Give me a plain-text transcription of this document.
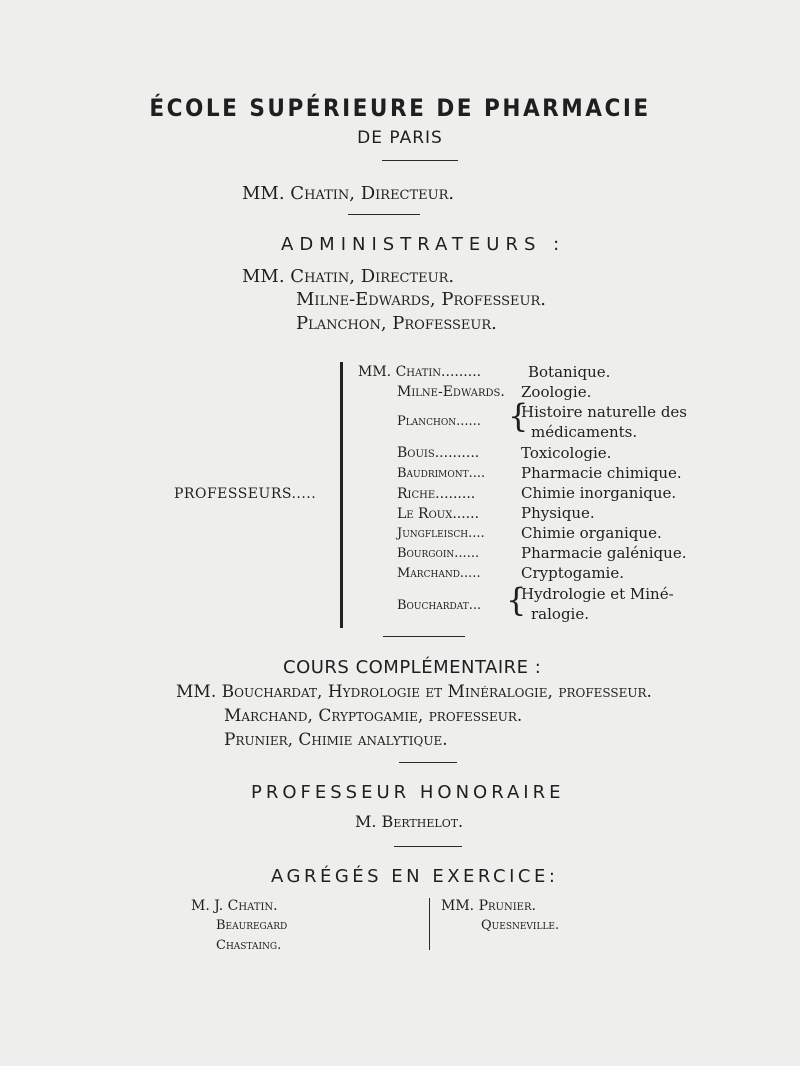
ÉCOLE SUPÉRIEURE DE PHARMACIE
DE PARIS
MM. Chatin, Directeur.
ADMINISTRATEURS :
MM. Chatin, Directeur.
Milne-Edwards, Professeur.
Planchon, Professeur.
PROFESSEURS.....
MM. Chatin.........	Botanique.
Milne-Edwards. Zoologie.
Planchon...... {
Histoire naturelle des
médicaments.
Bouis..........	Toxicologie.
Baudrimont.... Pharmacie chimique.
Riche.........	Chimie inorganique.
Le Roux......	Physique.
Jungfleisch.... Chimie organique.
Bourgoin......	Pharmacie galénique.
Marchand.....	Cryptogamie.
Bouchardat... {
Hydrologie et Miné-
ralogie.
COURS COMPLÉMENTAIRE :
MM. Bouchardat, Hydrologie et Minéralogie, professeur.
Marchand, Cryptogamie, professeur.
Prunier, Chimie analytique.
PROFESSEUR HONORAIRE
M. Berthelot.
AGRÉGÉS EN EXERCICE:
M. J. Chatin.
Beauregard
Chastaing.
MM. Prunier.
Quesneville.
